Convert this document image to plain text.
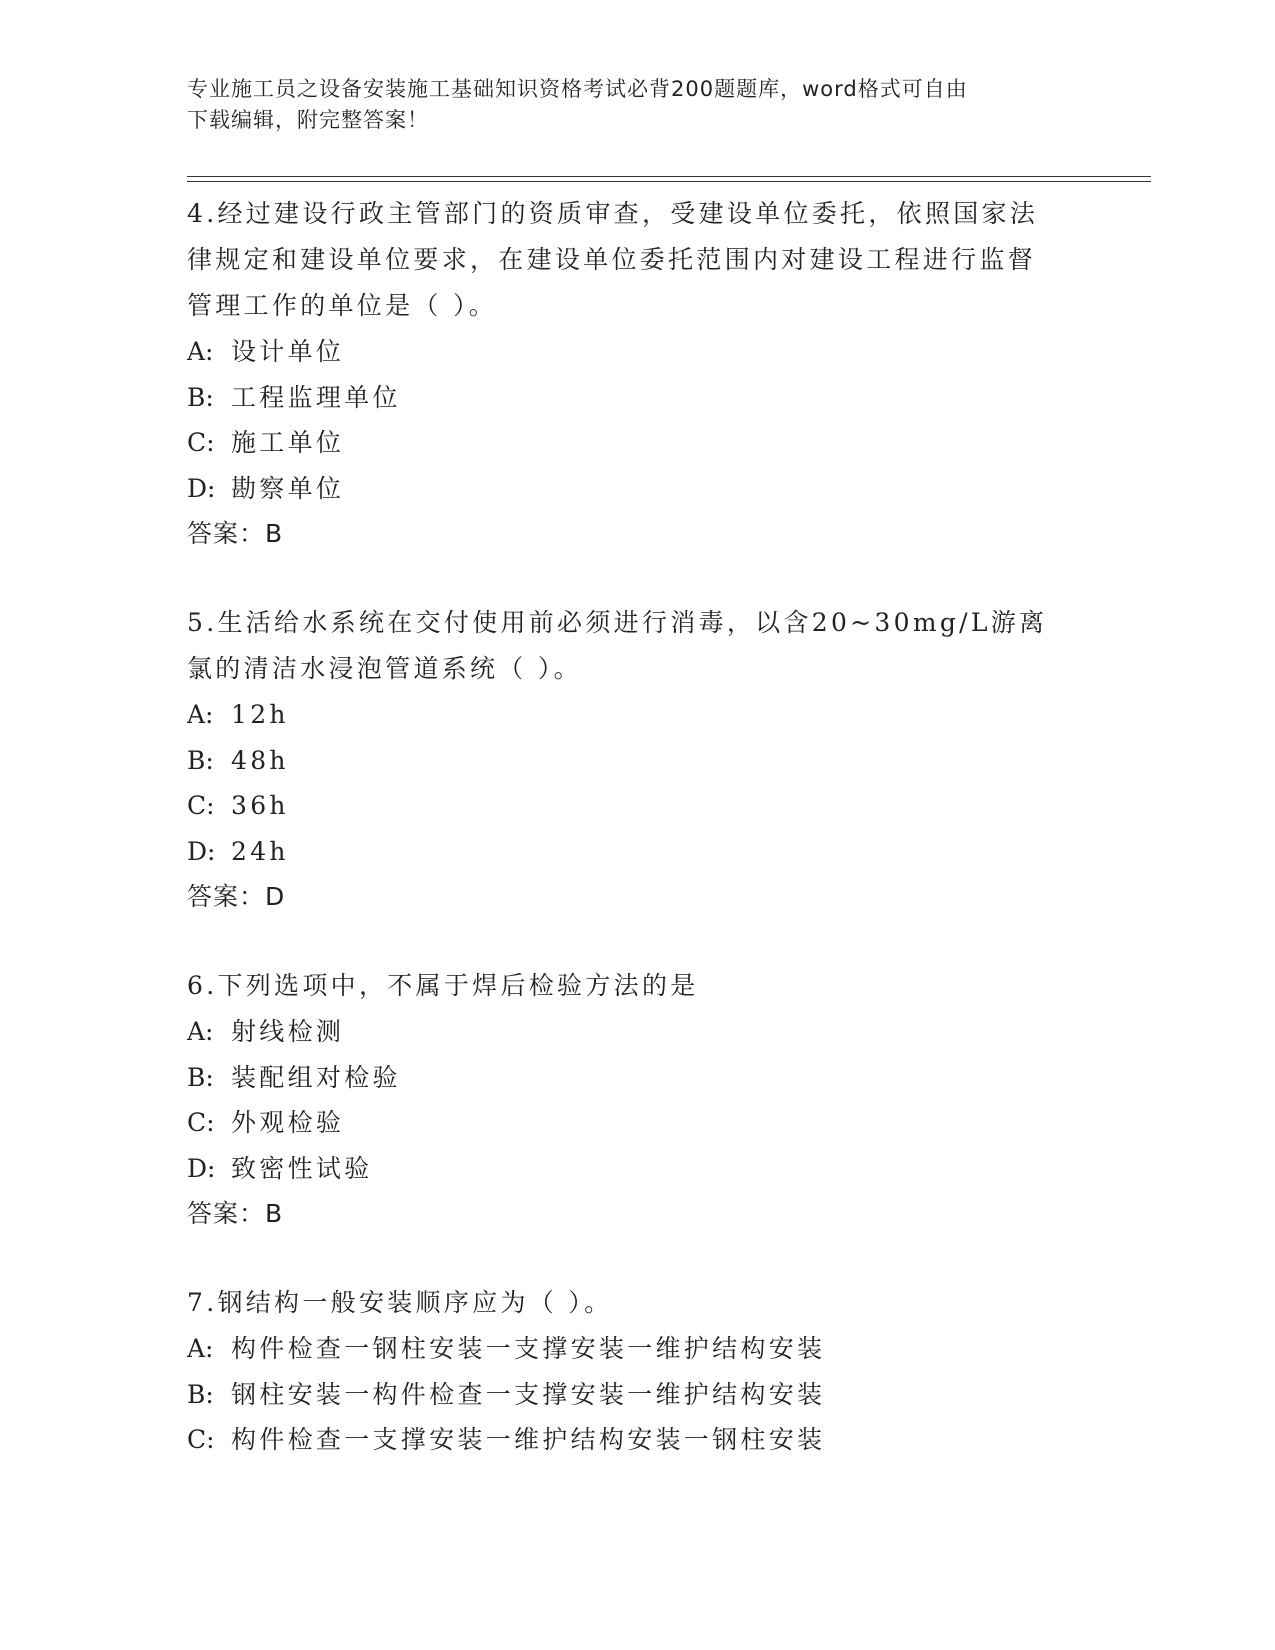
专业施工员之设备安装施工基础知识资格考试必背200题题库，word格式可自由
下载编辑，附完整答案！

4.经过建设行政主管部门的资质审查，受建设单位委托，依照国家法律规定和建设单位要求，在建设单位委托范围内对建设工程进行监督管理工作的单位是（ ）。

A: 设计单位

B: 工程监理单位

C: 施工单位

D: 勘察单位

答案：B

5.生活给水系统在交付使用前必须进行消毒，以含20~30mg/L游离氯的清洁水浸泡管道系统（ ）。

A: 12h

B: 48h

C: 36h

D: 24h

答案：D

6.下列选项中，不属于焊后检验方法的是

A: 射线检测

B: 装配组对检验

C: 外观检验

D: 致密性试验

答案：B

7.钢结构一般安装顺序应为（ ）。

A: 构件检查一钢柱安装一支撑安装一维护结构安装

B: 钢柱安装一构件检查一支撑安装一维护结构安装

C: 构件检查一支撑安装一维护结构安装一钢柱安装
